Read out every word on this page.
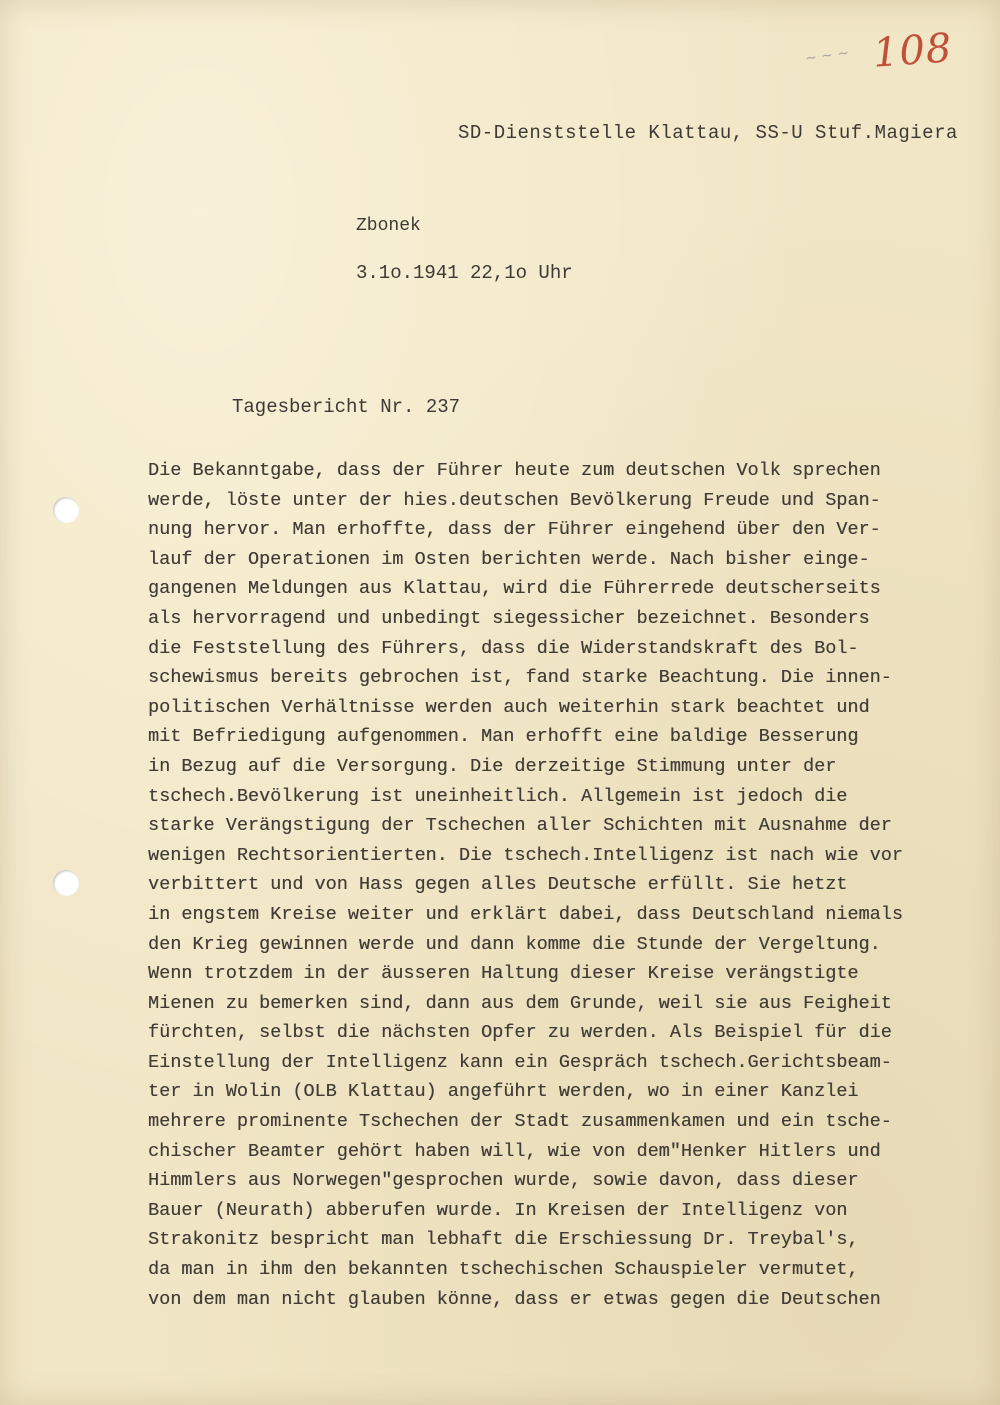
~ ~ ~ 108
SD-Dienststelle Klattau, SS-U Stuf.Magiera
Zbonek
3.1o.1941 22,1o Uhr
Tagesbericht Nr. 237
Die Bekanntgabe, dass der Führer heute zum deutschen Volk sprechen
werde, löste unter der hies.deutschen Bevölkerung Freude und Span-
nung hervor. Man erhoffte, dass der Führer eingehend über den Ver-
lauf der Operationen im Osten berichten werde. Nach bisher einge-
gangenen Meldungen aus Klattau, wird die Führerrede deutscherseits
als hervorragend und unbedingt siegessicher bezeichnet. Besonders
die Feststellung des Führers, dass die Widerstandskraft des Bol-
schewismus bereits gebrochen ist, fand starke Beachtung. Die innen-
politischen Verhältnisse werden auch weiterhin stark beachtet und
mit Befriedigung aufgenommen. Man erhofft eine baldige Besserung
in Bezug auf die Versorgung. Die derzeitige Stimmung unter der
tschech.Bevölkerung ist uneinheitlich. Allgemein ist jedoch die
starke Verängstigung der Tschechen aller Schichten mit Ausnahme der
wenigen Rechtsorientierten. Die tschech.Intelligenz ist nach wie vor
verbittert und von Hass gegen alles Deutsche erfüllt. Sie hetzt
in engstem Kreise weiter und erklärt dabei, dass Deutschland niemals
den Krieg gewinnen werde und dann komme die Stunde der Vergeltung.
Wenn trotzdem in der äusseren Haltung dieser Kreise verängstigte
Mienen zu bemerken sind, dann aus dem Grunde, weil sie aus Feigheit
fürchten, selbst die nächsten Opfer zu werden. Als Beispiel für die
Einstellung der Intelligenz kann ein Gespräch tschech.Gerichtsbeam-
ter in Wolin (OLB Klattau) angeführt werden, wo in einer Kanzlei
mehrere prominente Tschechen der Stadt zusammenkamen und ein tsche-
chischer Beamter gehört haben will, wie von dem"Henker Hitlers und
Himmlers aus Norwegen"gesprochen wurde, sowie davon, dass dieser
Bauer (Neurath) abberufen wurde. In Kreisen der Intelligenz von
Strakonitz bespricht man lebhaft die Erschiessung Dr. Treybal's,
da man in ihm den bekannten tschechischen Schauspieler vermutet,
von dem man nicht glauben könne, dass er etwas gegen die Deutschen
